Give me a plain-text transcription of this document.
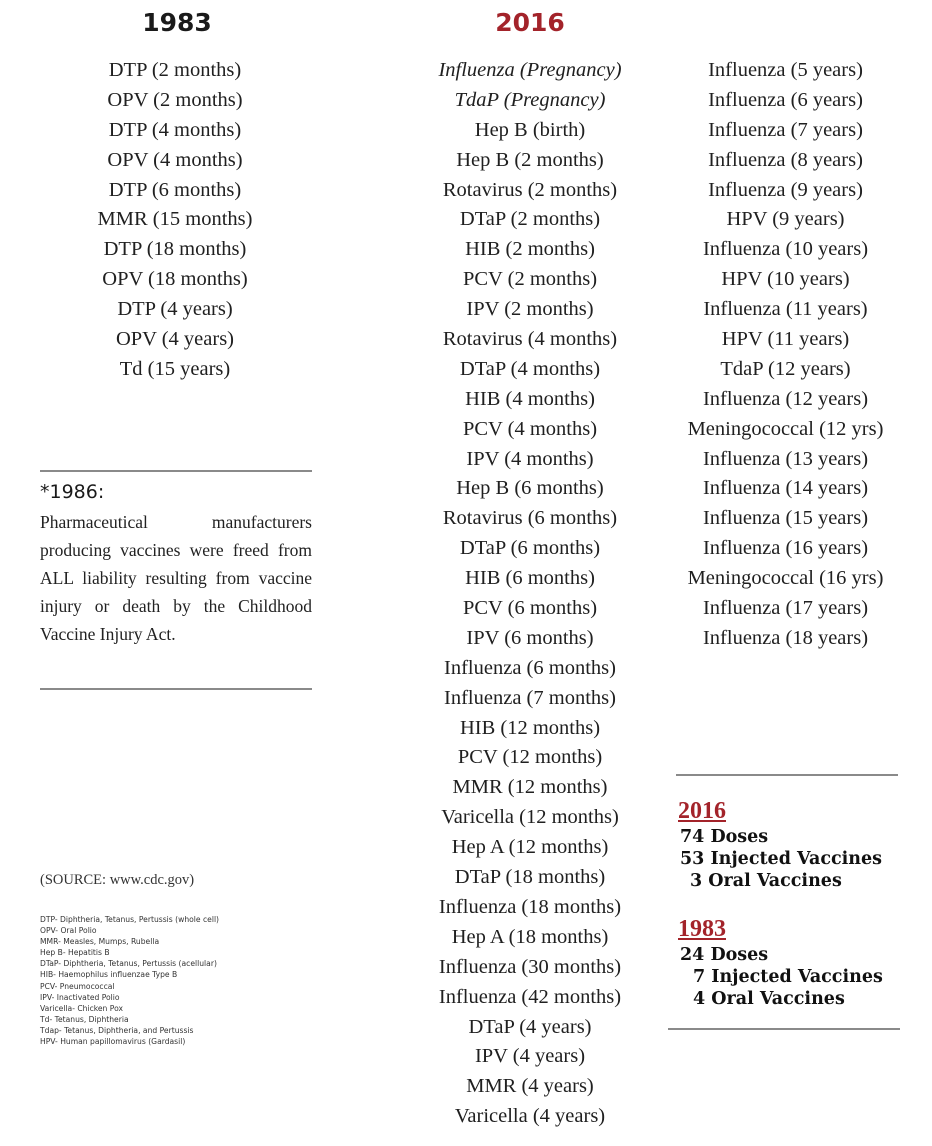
1983	2016
DTP (2 months)
OPV (2 months)
DTP (4 months)
OPV (4 months)
DTP (6 months)
MMR (15 months)
DTP (18 months)
OPV (18 months)
DTP (4 years)
OPV (4 years)
Td (15 years)
Influenza (Pregnancy)
TdaP (Pregnancy)
Hep B (birth)
Hep B (2 months)
Rotavirus (2 months)
DTaP (2 months)
HIB (2 months)
PCV (2 months)
IPV (2 months)
Rotavirus (4 months)
DTaP (4 months)
HIB (4 months)
PCV (4 months)
IPV (4 months)
Hep B (6 months)
Rotavirus (6 months)
DTaP (6 months)
HIB (6 months)
PCV (6 months)
IPV (6 months)
Influenza (6 months)
Influenza (7 months)
HIB (12 months)
PCV (12 months)
MMR (12 months)
Varicella (12 months)
Hep A (12 months)
DTaP (18 months)
Influenza (18 months)
Hep A (18 months)
Influenza (30 months)
Influenza (42 months)
DTaP (4 years)
IPV (4 years)
MMR (4 years)
Varicella (4 years)
Influenza (5 years)
Influenza (6 years)
Influenza (7 years)
Influenza (8 years)
Influenza (9 years)
HPV (9 years)
Influenza (10 years)
HPV (10 years)
Influenza (11 years)
HPV (11 years)
TdaP (12 years)
Influenza (12 years)
Meningococcal (12 yrs)
Influenza (13 years)
Influenza (14 years)
Influenza (15 years)
Influenza (16 years)
Meningococcal (16 yrs)
Influenza (17 years)
Influenza (18 years)
*1986:
Pharmaceutical manufacturers producing vaccines were freed from ALL liability resulting from vaccine injury or death by the Childhood Vaccine Injury Act.
(SOURCE: www.cdc.gov)
DTP- Diphtheria, Tetanus, Pertussis (whole cell)
OPV- Oral Polio
MMR- Measles, Mumps, Rubella
Hep B- Hepatitis B
DTaP- Diphtheria, Tetanus, Pertussis (acellular)
HIB- Haemophilus influenzae Type B
PCV- Pneumococcal
IPV- Inactivated Polio
Varicella- Chicken Pox
Td- Tetanus, Diphtheria
Tdap- Tetanus, Diphtheria, and Pertussis
HPV- Human papillomavirus (Gardasil)
2016
74 Doses
53 Injected Vaccines
3 Oral Vaccines
1983
24 Doses
7 Injected Vaccines
4 Oral Vaccines
